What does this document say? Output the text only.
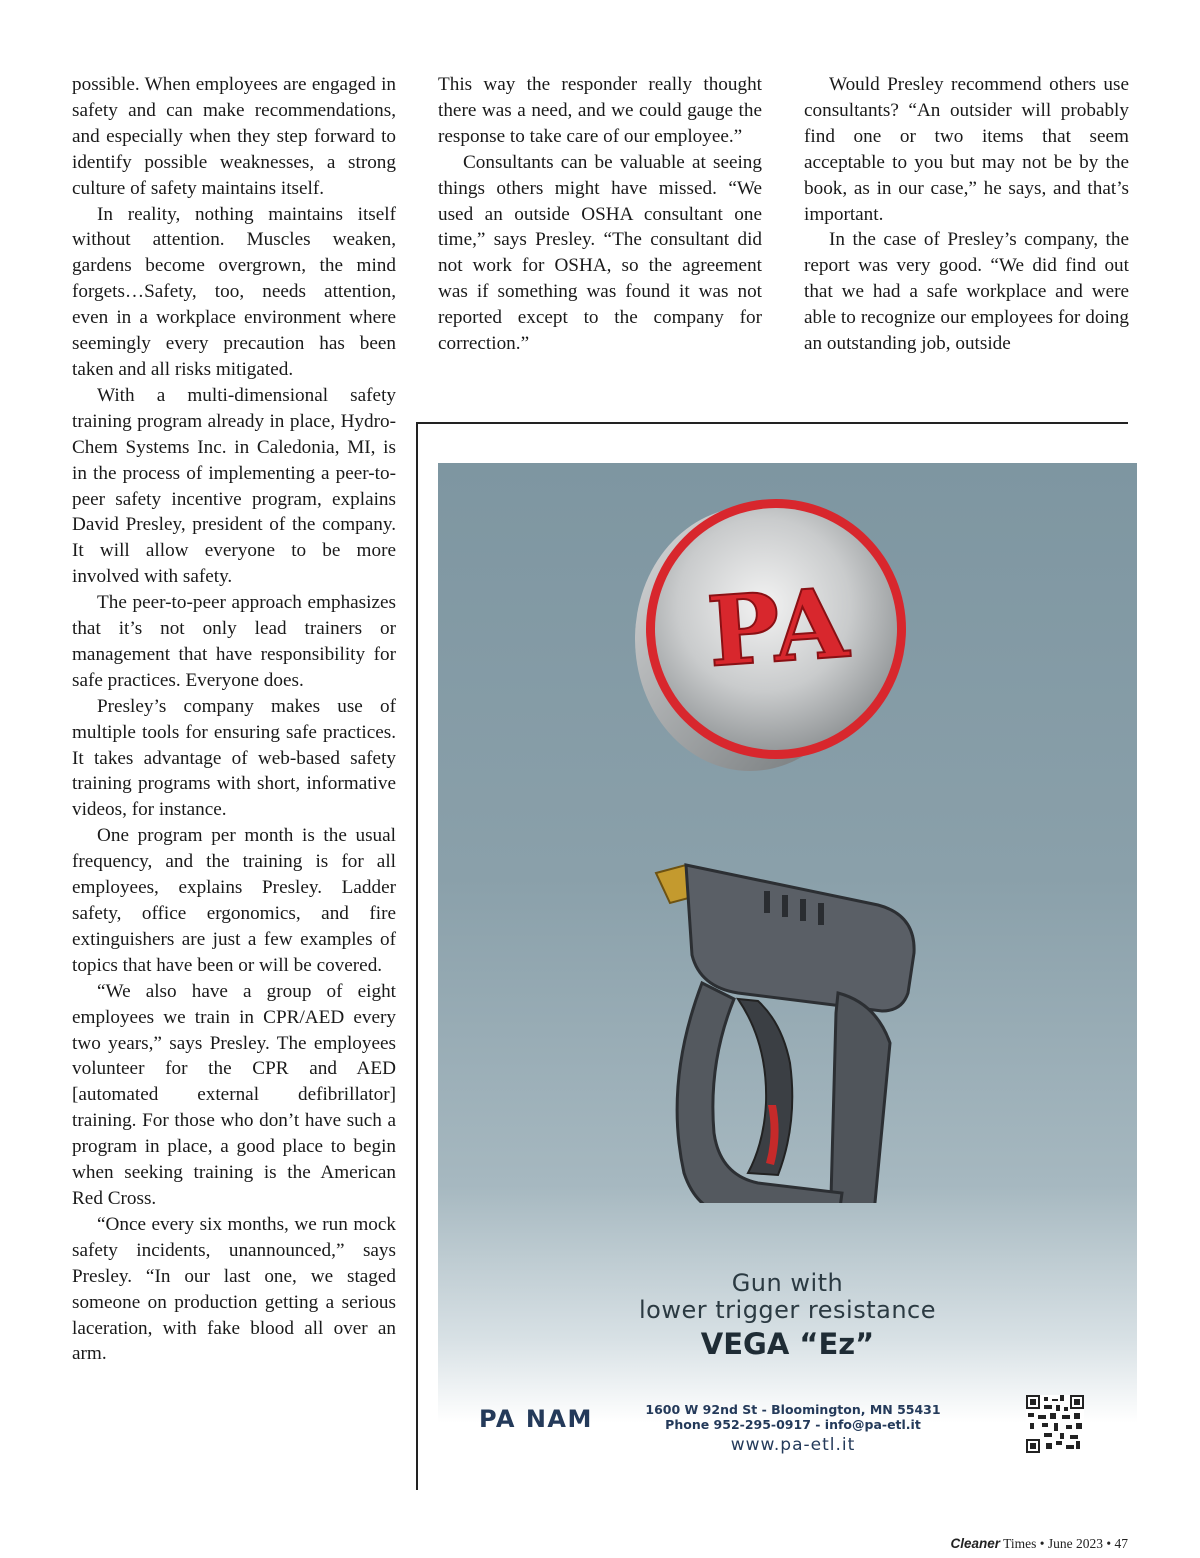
possible. When employees are engaged in safety and can make recommendations, and especially when they step forward to identify possible weaknesses, a strong culture of safety maintains itself.

In reality, nothing maintains itself without attention. Muscles weaken, gardens become overgrown, the mind forgets…Safety, too, needs attention, even in a workplace environment where seemingly every precaution has been taken and all risks mitigated.

With a multi-dimensional safety training program already in place, Hydro-Chem Systems Inc. in Caledonia, MI, is in the process of implementing a peer-to-peer safety incentive program, explains David Presley, president of the company. It will allow everyone to be more involved with safety.

The peer-to-peer approach emphasizes that it’s not only lead trainers or management that have responsibility for safe practices. Everyone does.

Presley’s company makes use of multiple tools for ensuring safe practices. It takes advantage of web-based safety training programs with short, informative videos, for instance.

One program per month is the usual frequency, and the training is for all employees, explains Presley. Ladder safety, office ergonomics, and fire extinguishers are just a few examples of topics that have been or will be covered.

“We also have a group of eight employees we train in CPR/AED every two years,” says Presley. The employees volunteer for the CPR and AED [automated external defibrillator] training. For those who don’t have such a program in place, a good place to begin when seeking training is the American Red Cross.

“Once every six months, we run mock safety incidents, unannounced,” says Presley. “In our last one, we staged someone on production getting a serious laceration, with fake blood all over an arm.

This way the responder really thought there was a need, and we could gauge the response to take care of our employee.”

Consultants can be valuable at seeing things others might have missed. “We used an outside OSHA consultant one time,” says Presley. “The consultant did not work for OSHA, so the agreement was if something was found it was not reported except to the company for correction.”

Would Presley recommend others use consultants? “An outsider will probably find one or two items that seem acceptable to you but may not be by the book, as in our case,” he says, and that’s important.

In the case of Presley’s company, the report was very good. “We did find out that we had a safe workplace and were able to recognize our employees for doing an outstanding job, outside

PA
Gun with
lower trigger resistance
VEGA “Ez”
PA NAM	1600 W 92nd St - Bloomington, MN 55431
Phone 952-295-0917 - info@pa-etl.it
www.pa-etl.it
Cleaner Times • June 2023 • 47
